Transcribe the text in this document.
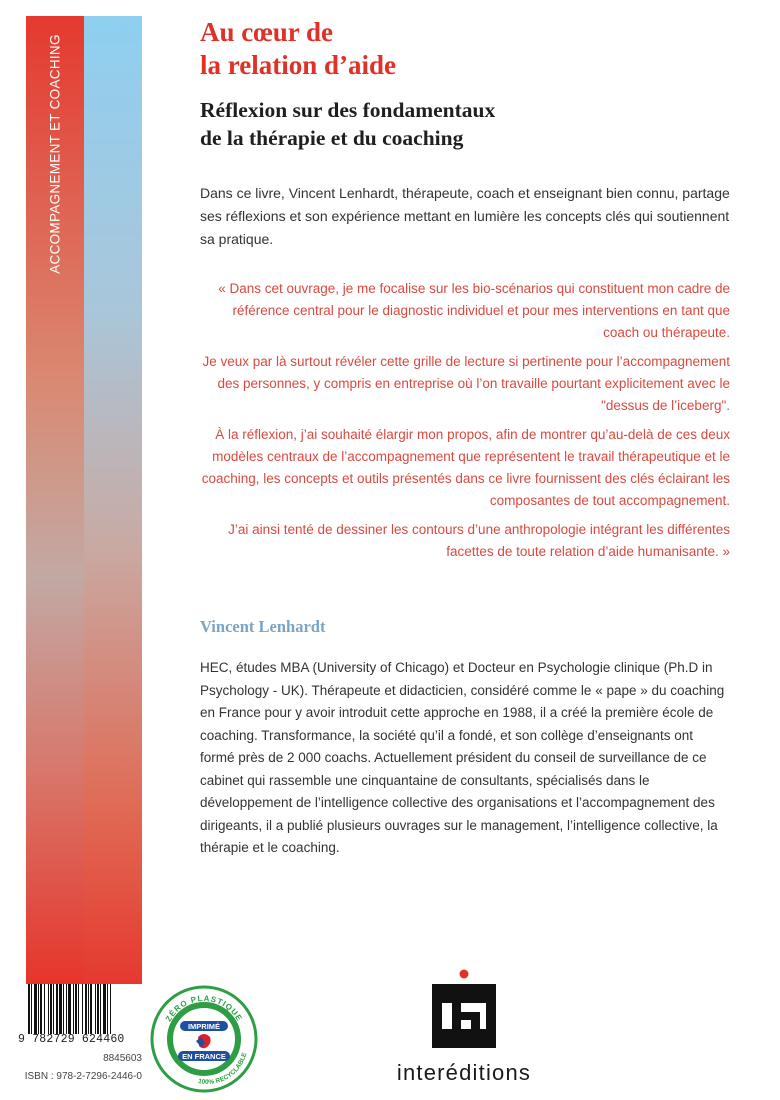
ACCOMPAGNEMENT ET COACHING
Au cœur de
la relation d’aide
Réflexion sur des fondamentaux
de la thérapie et du coaching

Dans ce livre, Vincent Lenhardt, thérapeute, coach et enseignant bien connu, partage ses réflexions et son expérience mettant en lumière les concepts clés qui soutiennent sa pratique.

« Dans cet ouvrage, je me focalise sur les bio-scénarios qui constituent mon cadre de référence central pour le diagnostic individuel et pour mes interventions en tant que coach ou thérapeute.

Je veux par là surtout révéler cette grille de lecture si pertinente pour l’accompagnement des personnes, y compris en entreprise où l’on travaille pourtant explicitement avec le "dessus de l’iceberg".

À la réflexion, j’ai souhaité élargir mon propos, afin de montrer qu’au-delà de ces deux modèles centraux de l’accompagnement que représentent le travail thérapeutique et le coaching, les concepts et outils présentés dans ce livre fournissent des clés éclairant les composantes de tout accompagnement.

J’ai ainsi tenté de dessiner les contours d’une anthropologie intégrant les différentes facettes de toute relation d’aide humanisante. »

Vincent Lenhardt

HEC, études MBA (University of Chicago) et Docteur en Psychologie clinique (Ph.D in Psychology - UK). Thérapeute et didacticien, considéré comme le « pape » du coaching en France pour y avoir introduit cette approche en 1988, il a créé la première école de coaching. Transformance, la société qu’il a fondé, et son collège d’enseignants ont formé près de 2 000 coachs. Actuellement président du conseil de surveillance de ce cabinet qui rassemble une cinquantaine de consultants, spécialisés dans le développement de l’intelligence collective des organisations et l’accompagnement des dirigeants, il a publié plusieurs ouvrages sur le management, l’intelligence collective, la thérapie et le coaching.

9 782729 624460
8845603
ISBN : 978-2-7296-2446-0
ZÉRO PLASTIQUE
100% RECYCLABLE
IMPRIMÉ
EN FRANCE
interéditions
